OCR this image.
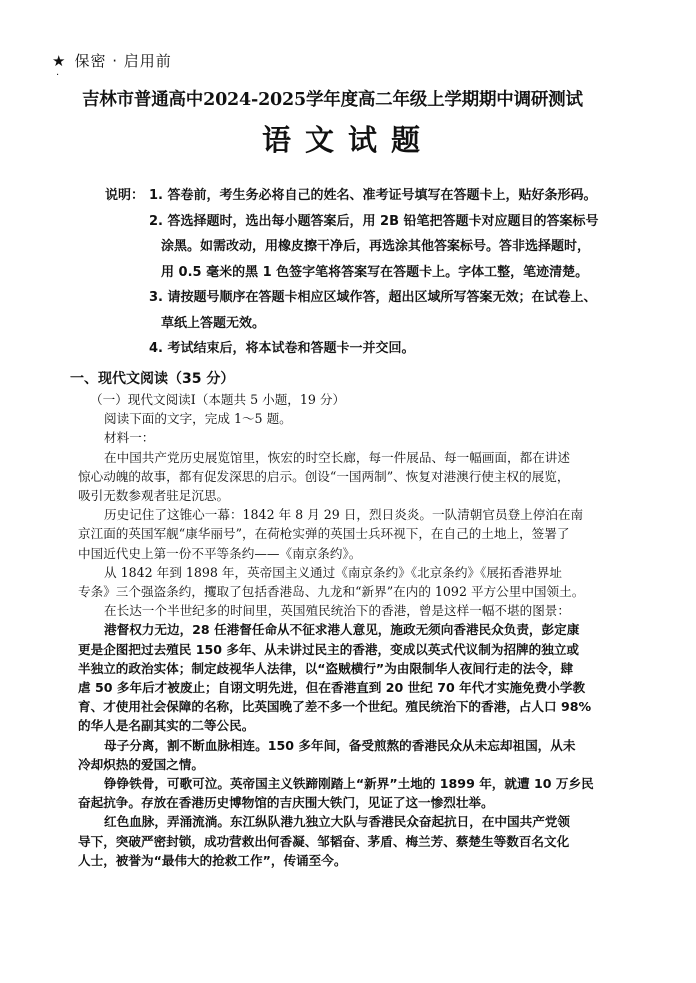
★ 保密 · 启用前
·
吉林市普通高中2024-2025学年度高二年级上学期期中调研测试
语文试题
说明： 1. 答卷前，考生务必将自己的姓名、准考证号填写在答题卡上，贴好条形码。
2. 答选择题时，选出每小题答案后，用 2B 铅笔把答题卡对应题目的答案标号
涂黑。如需改动，用橡皮擦干净后，再选涂其他答案标号。答非选择题时，
用 0.5 毫米的黑 1 色签字笔将答案写在答题卡上。字体工整，笔迹清楚。
3. 请按题号顺序在答题卡相应区域作答，超出区域所写答案无效；在试卷上、
草纸上答题无效。
4. 考试结束后，将本试卷和答题卡一并交回。
一、现代文阅读（35 分）
（一）现代文阅读Ⅰ（本题共 5 小题，19 分）
阅读下面的文字，完成 1～5 题。
材料一：
在中国共产党历史展览馆里，恢宏的时空长廊，每一件展品、每一幅画面，都在讲述
惊心动魄的故事，都有促发深思的启示。创设“一国两制”、恢复对港澳行使主权的展览，
吸引无数参观者驻足沉思。
历史记住了这锥心一幕：1842 年 8 月 29 日，烈日炎炎。一队清朝官员登上停泊在南
京江面的英国军舰“康华丽号”，在荷枪实弹的英国士兵环视下，在自己的土地上，签署了
中国近代史上第一份不平等条约——《南京条约》。
从 1842 年到 1898 年，英帝国主义通过《南京条约》《北京条约》《展拓香港界址
专条》三个强盗条约，攫取了包括香港岛、九龙和“新界”在内的 1092 平方公里中国领土。
在长达一个半世纪多的时间里，英国殖民统治下的香港，曾是这样一幅不堪的图景：
港督权力无边，28 任港督任命从不征求港人意见，施政无须向香港民众负责，彭定康
更是企图把过去殖民 150 多年、从未讲过民主的香港，变成以英式代议制为招牌的独立或
半独立的政治实体；制定歧视华人法律，以“盗贼横行”为由限制华人夜间行走的法令，肆
虐 50 多年后才被废止；自诩文明先进，但在香港直到 20 世纪 70 年代才实施免费小学教
育、才使用社会保障的名称，比英国晚了差不多一个世纪。殖民统治下的香港，占人口 98%
的华人是名副其实的二等公民。
母子分离，割不断血脉相连。150 多年间，备受煎熬的香港民众从未忘却祖国，从未
冷却炽热的爱国之情。
铮铮铁骨，可歌可泣。英帝国主义铁蹄刚踏上“新界”土地的 1899 年，就遭 10 万乡民
奋起抗争。存放在香港历史博物馆的吉庆围大铁门，见证了这一惨烈壮举。
红色血脉，弄涌流淌。东江纵队港九独立大队与香港民众奋起抗日，在中国共产党领
导下，突破严密封锁，成功营救出何香凝、邹韬奋、茅盾、梅兰芳、蔡楚生等数百名文化
人士，被誉为“最伟大的抢救工作”，传诵至今。
